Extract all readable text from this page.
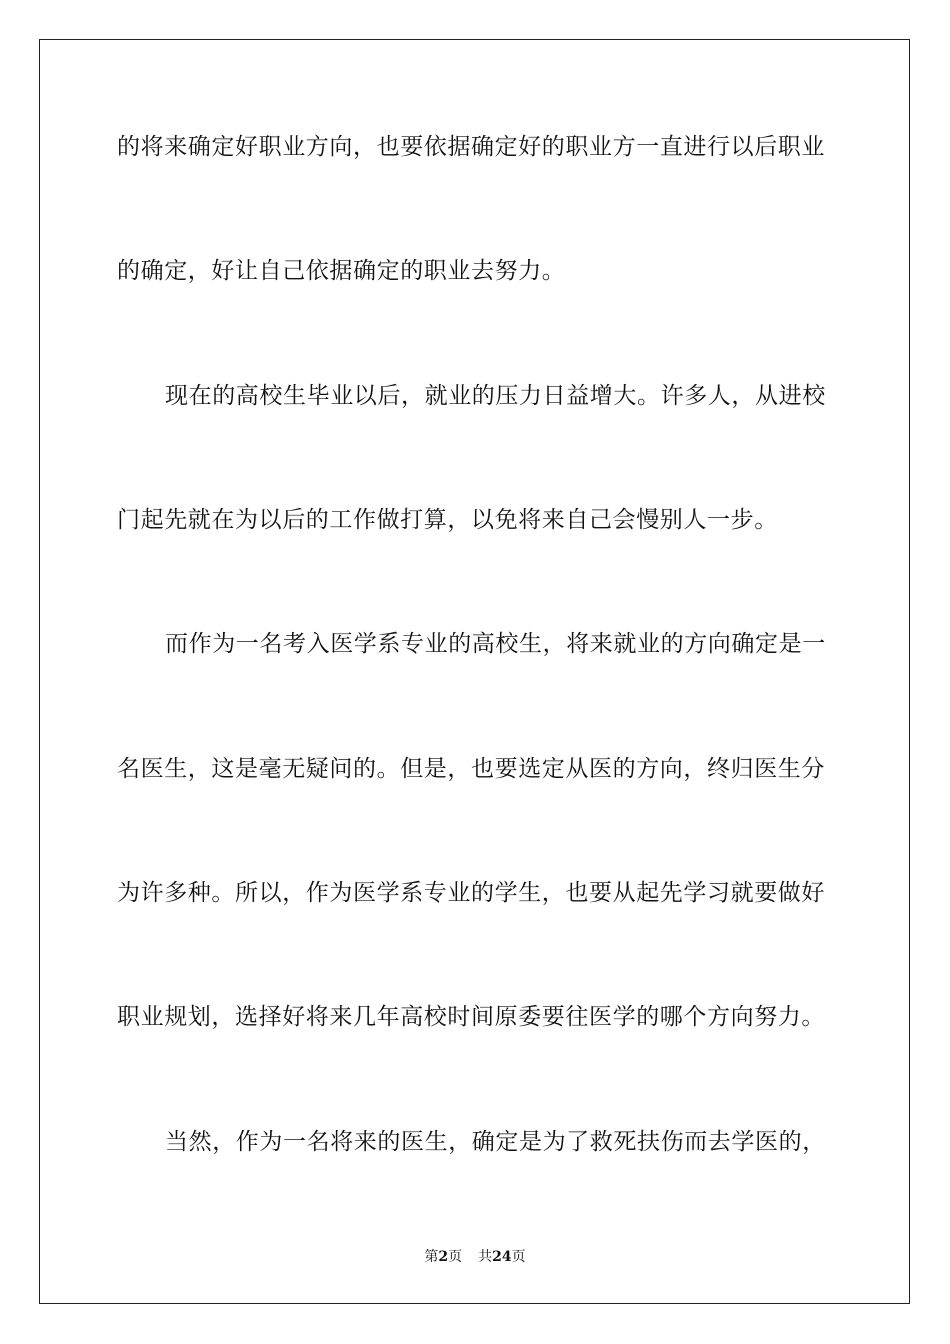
的将来确定好职业方向，也要依据确定好的职业方一直进行以后职业
的确定，好让自己依据确定的职业去努力。
现在的高校生毕业以后，就业的压力日益增大。许多人，从进校
门起先就在为以后的工作做打算，以免将来自己会慢别人一步。
而作为一名考入医学系专业的高校生，将来就业的方向确定是一
名医生，这是毫无疑问的。但是，也要选定从医的方向，终归医生分
为许多种。所以，作为医学系专业的学生，也要从起先学习就要做好
职业规划，选择好将来几年高校时间原委要往医学的哪个方向努力。
当然，作为一名将来的医生，确定是为了救死扶伤而去学医的，
第2页 共24页
